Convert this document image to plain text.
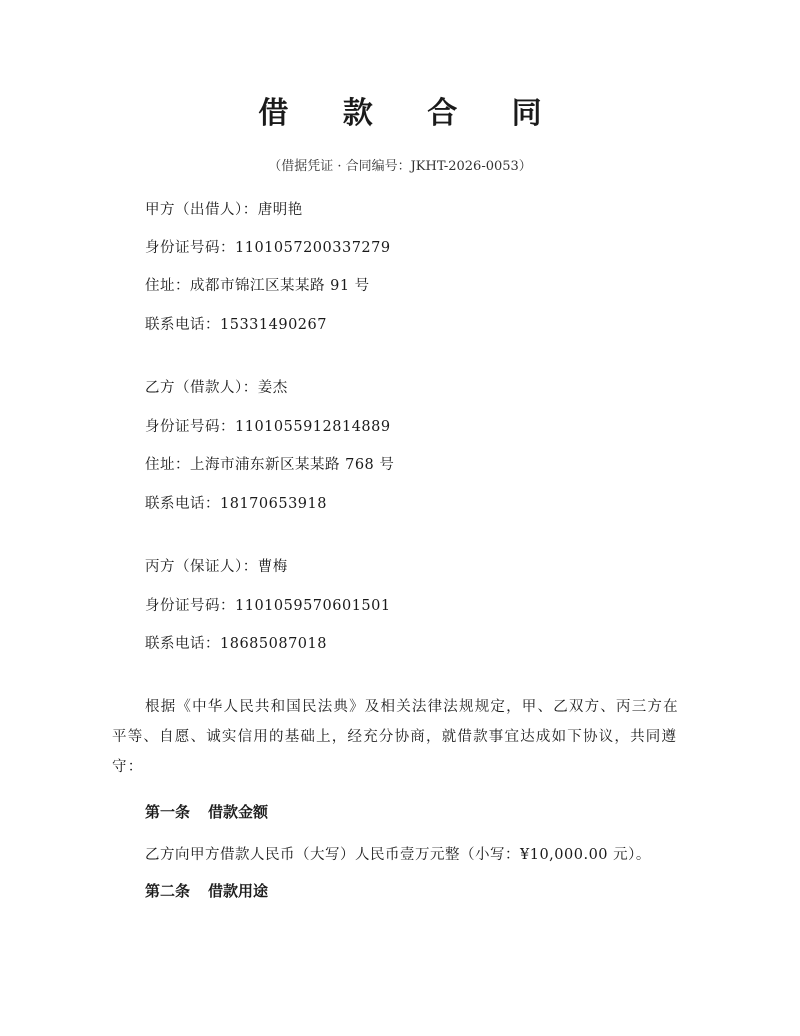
借 款 合 同
（借据凭证 · 合同编号：JKHT-2026-0053）
甲方（出借人）：唐明艳
身份证号码：1101057200337279
住址：成都市锦江区某某路 91 号
联系电话：15331490267
乙方（借款人）：姜杰
身份证号码：1101055912814889
住址：上海市浦东新区某某路 768 号
联系电话：18170653918
丙方（保证人）：曹梅
身份证号码：1101059570601501
联系电话：18685087018
根据《中华人民共和国民法典》及相关法律法规规定，甲、乙双方、丙三方在平等、自愿、诚实信用的基础上，经充分协商，就借款事宜达成如下协议，共同遵守：
第一条 借款金额
乙方向甲方借款人民币（大写）人民币壹万元整（小写：¥10,000.00 元）。
第二条 借款用途
